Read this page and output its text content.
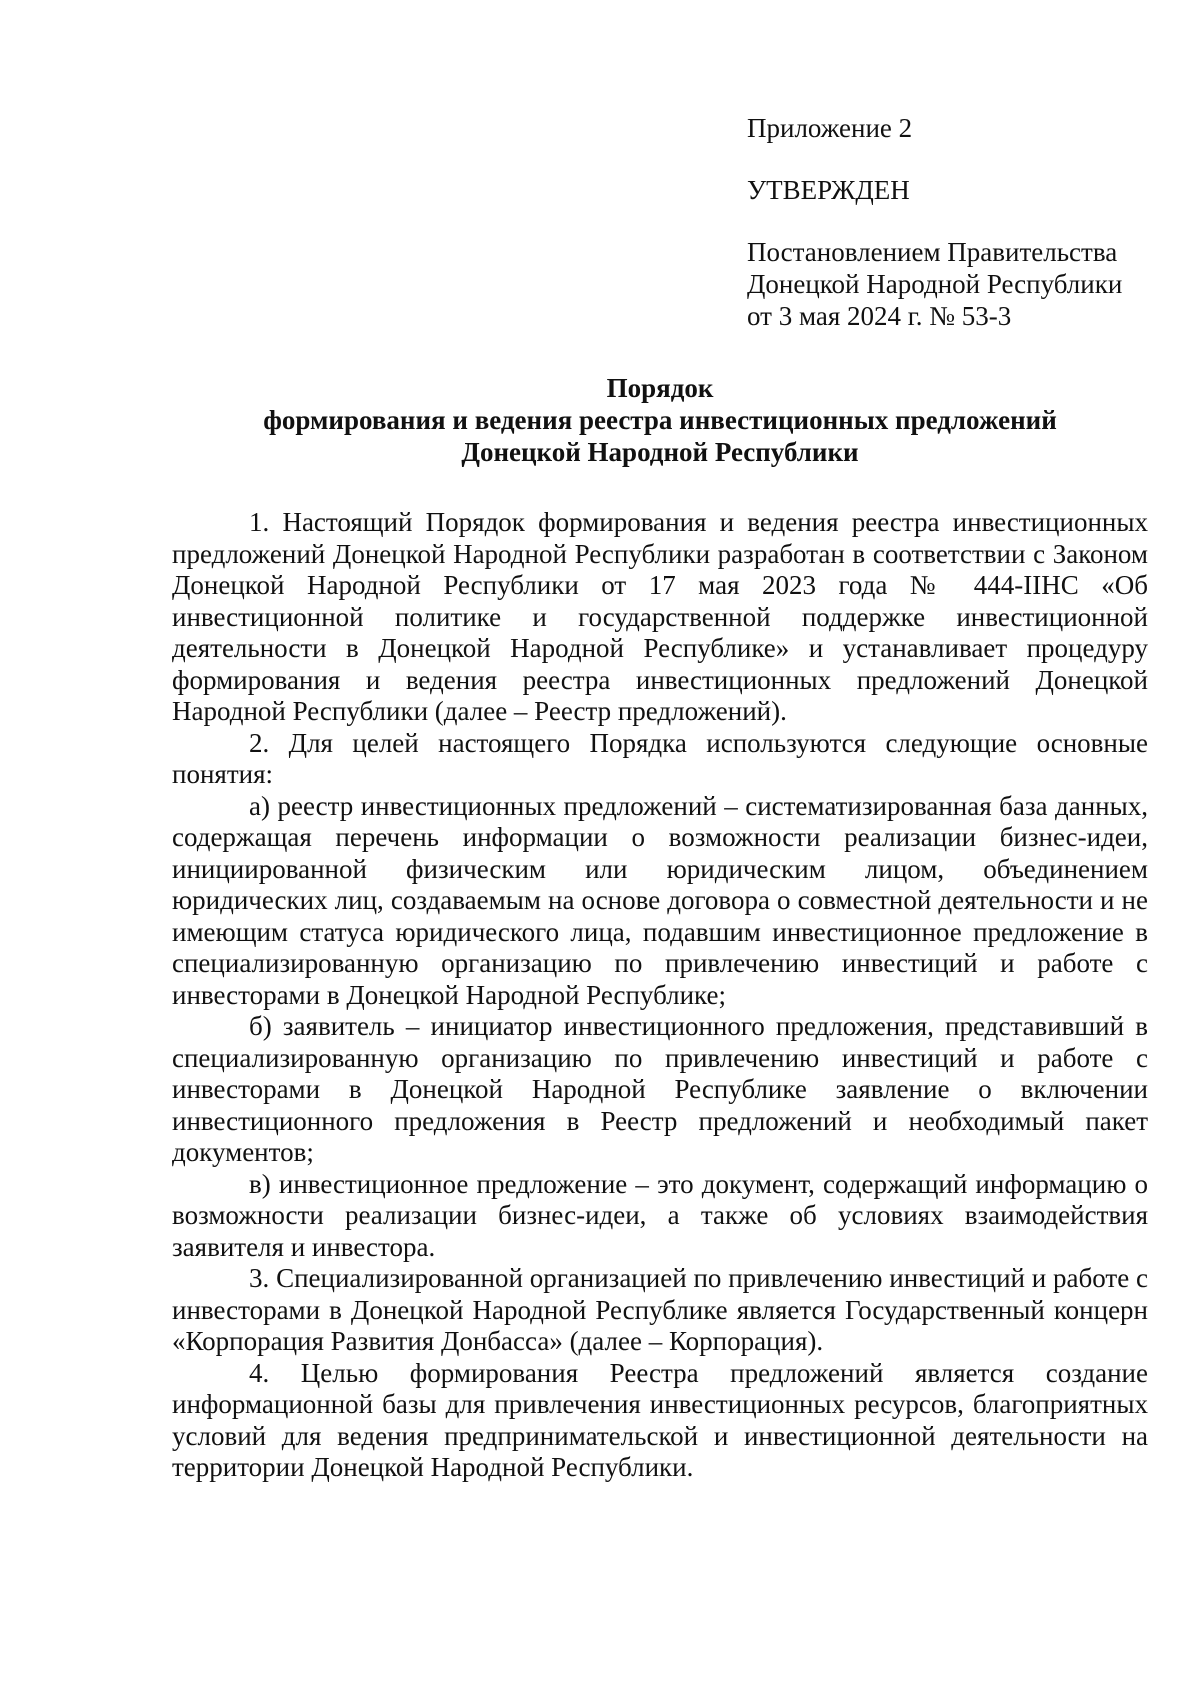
Приложение 2
УТВЕРЖДЕН
Постановлением Правительства
Донецкой Народной Республики
от 3 мая 2024 г. № 53-3
Порядок
формирования и ведения реестра инвестиционных предложений
Донецкой Народной Республики

1. Настоящий Порядок формирования и ведения реестра инвестиционных предложений Донецкой Народной Республики разработан в соответствии с Законом Донецкой Народной Республики от 17 мая 2023 года № 444-IIНС «Об инвестиционной политике и государственной поддержке инвестиционной деятельности в Донецкой Народной Республике» и устанавливает процедуру формирования и ведения реестра инвестиционных предложений Донецкой Народной Республики (далее – Реестр предложений).

2. Для целей настоящего Порядка используются следующие основные понятия:

а) реестр инвестиционных предложений – систематизированная база данных, содержащая перечень информации о возможности реализации бизнес-идеи, инициированной физическим или юридическим лицом, объединением юридических лиц, создаваемым на основе договора о совместной деятельности и не имеющим статуса юридического лица, подавшим инвестиционное предложение в специализированную организацию по привлечению инвестиций и работе с инвесторами в Донецкой Народной Республике;

б) заявитель – инициатор инвестиционного предложения, представивший в специализированную организацию по привлечению инвестиций и работе с инвесторами в Донецкой Народной Республике заявление о включении инвестиционного предложения в Реестр предложений и необходимый пакет документов;

в) инвестиционное предложение – это документ, содержащий информацию о возможности реализации бизнес-идеи, а также об условиях взаимодействия заявителя и инвестора.

3. Специализированной организацией по привлечению инвестиций и работе с инвесторами в Донецкой Народной Республике является Государственный концерн «Корпорация Развития Донбасса» (далее – Корпорация).

4. Целью формирования Реестра предложений является создание информационной базы для привлечения инвестиционных ресурсов, благоприятных условий для ведения предпринимательской и инвестиционной деятельности на территории Донецкой Народной Республики.
